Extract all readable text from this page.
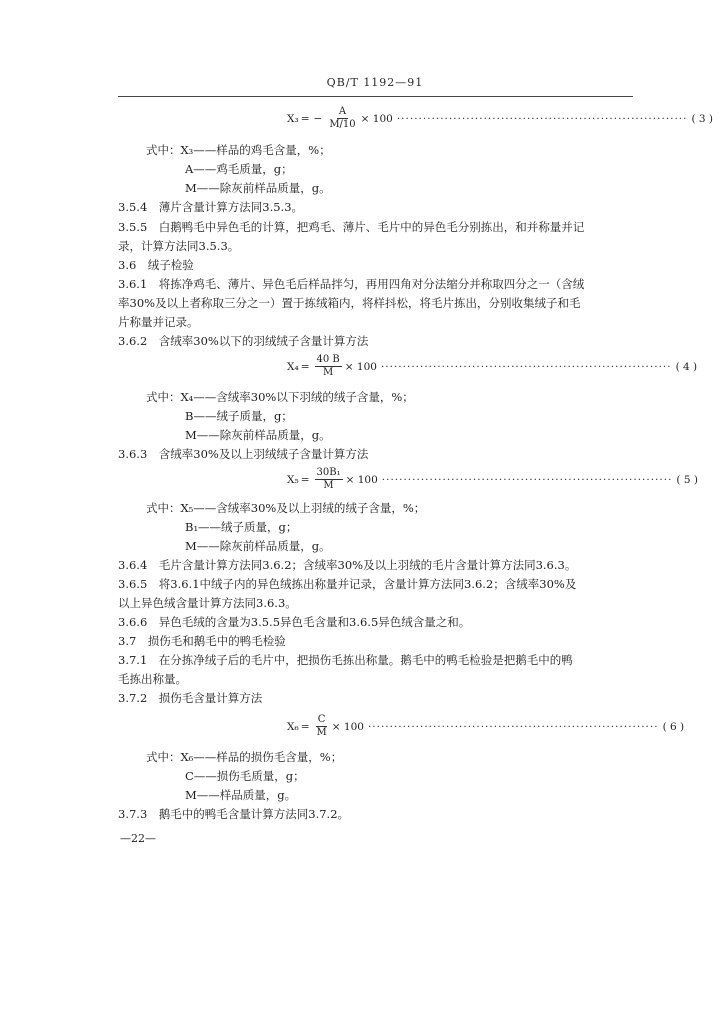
QB/T 1192—91
X₃ = − $\frac{A}{M/10} \times 100$ ··································································· ( 3 )
式中：X₃——样品的鸡毛含量，%；
A——鸡毛质量，g；
M——除灰前样品质量，g。
3.5.4　薄片含量计算方法同3.5.3。
3.5.5　白鹅鸭毛中异色毛的计算，把鸡毛、薄片、毛片中的异色毛分别拣出，和并称量并记
录，计算方法同3.5.3。
3.6　绒子检验
3.6.1　将拣净鸡毛、薄片、异色毛后样品拌匀，再用四角对分法缩分并称取四分之一（含绒
率30%及以上者称取三分之一）置于拣绒箱内，将样抖松，将毛片拣出，分别收集绒子和毛
片称量并记录。
3.6.2　含绒率30%以下的羽绒绒子含量计算方法
$X_4 = \frac{40 B}{M} \times 100$ ··································································· ( 4 )
式中：X₄——含绒率30%以下羽绒的绒子含量，%；
B——绒子质量，g；
M——除灰前样品质量，g。
3.6.3　含绒率30%及以上羽绒绒子含量计算方法
$X_5 = \frac{\text{30B₁}}{M} \times 100$ ··································································· ( 5 )
式中：X₅——含绒率30%及以上羽绒的绒子含量，%；
B₁——绒子质量，g；
M——除灰前样品质量，g。
3.6.4　毛片含量计算方法同3.6.2；含绒率30%及以上羽绒的毛片含量计算方法同3.6.3。
3.6.5　将3.6.1中绒子内的异色绒拣出称量并记录，含量计算方法同3.6.2；含绒率30%及
以上异色绒含量计算方法同3.6.3。
3.6.6　异色毛绒的含量为3.5.5异色毛含量和3.6.5异色绒含量之和。
3.7　损伤毛和鹅毛中的鸭毛检验
3.7.1　在分拣净绒子后的毛片中，把损伤毛拣出称量。鹅毛中的鸭毛检验是把鹅毛中的鸭
毛拣出称量。
3.7.2　损伤毛含量计算方法
$X_6 = \frac{C}{M} \times 100$ ··································································· ( 6 )
式中：X₆——样品的损伤毛含量，%；
C——损伤毛质量，g；
M——样品质量，g。
3.7.3　鹅毛中的鸭毛含量计算方法同3.7.2。
—22—
